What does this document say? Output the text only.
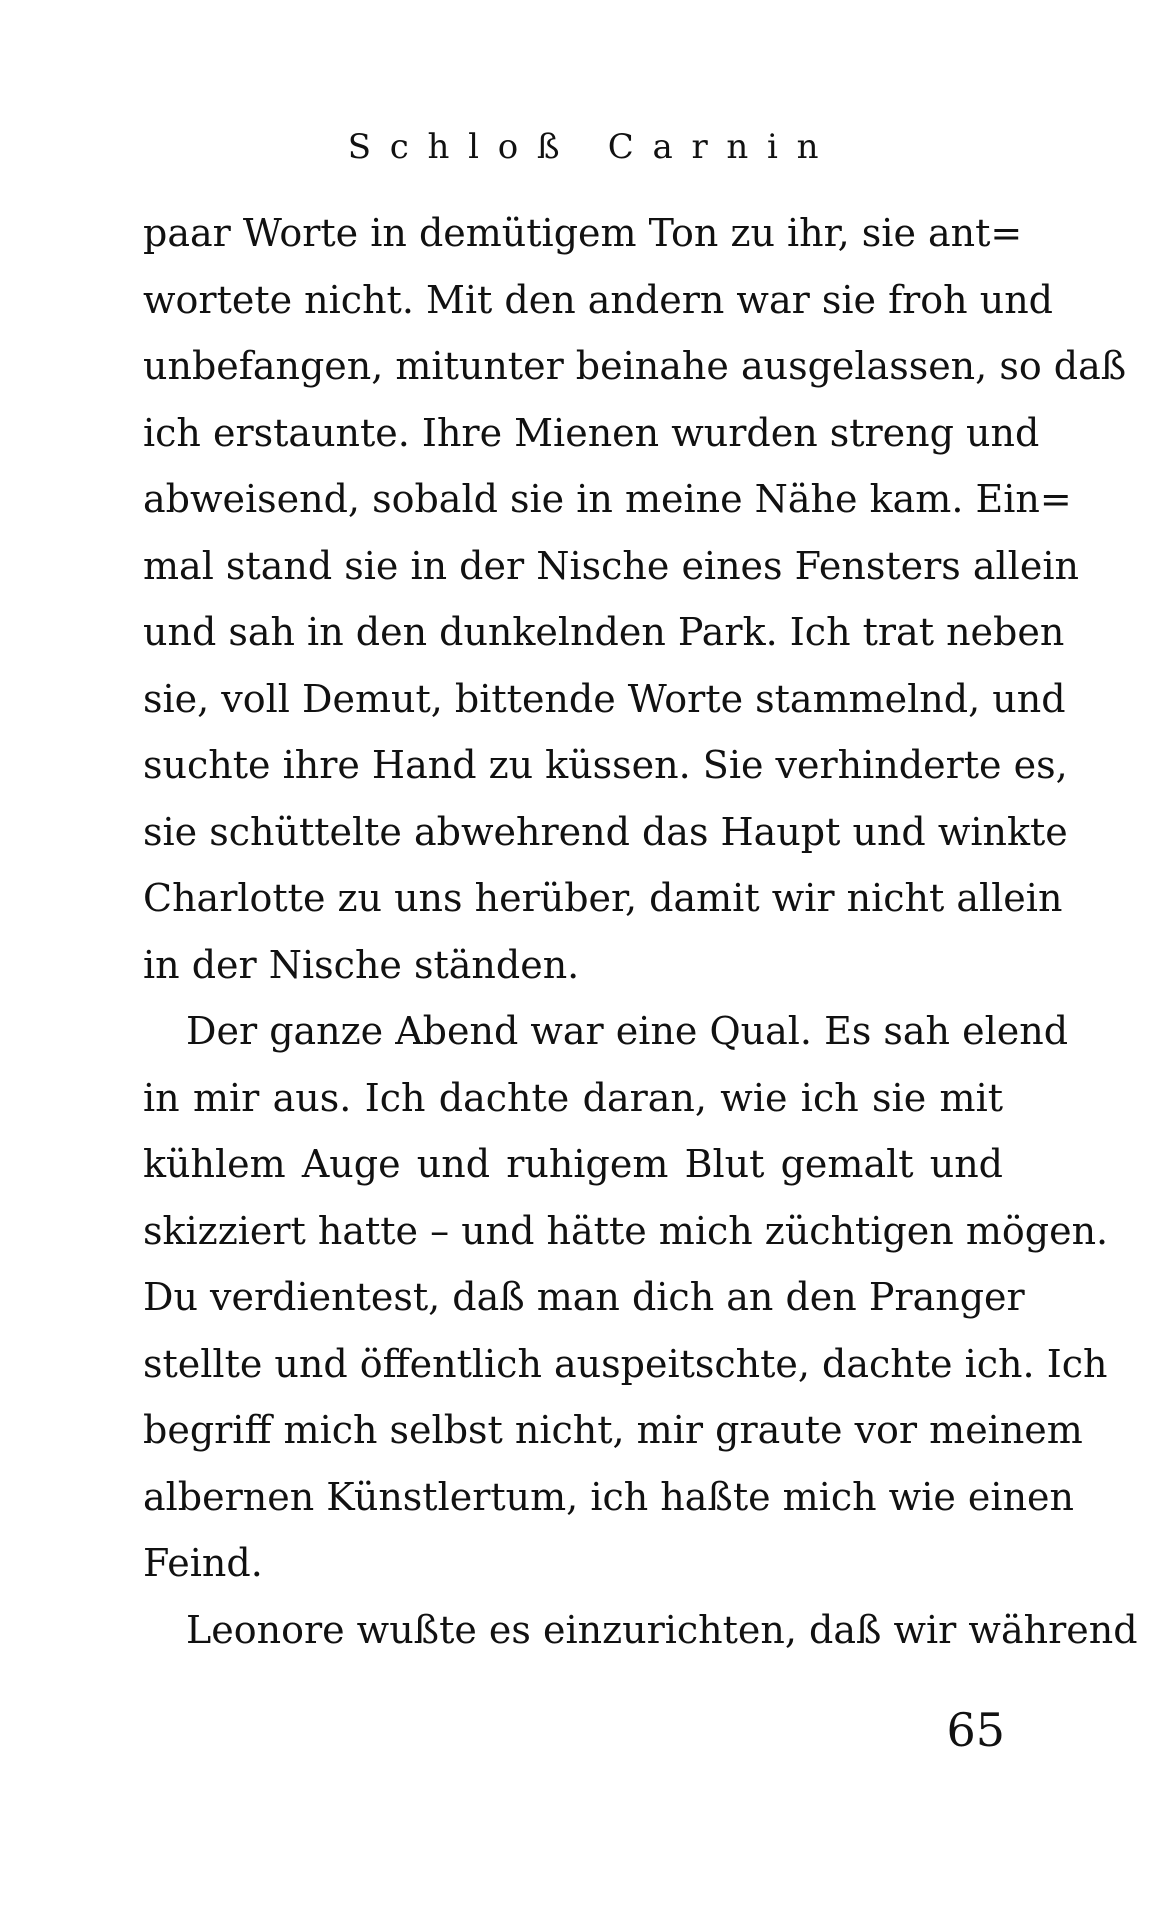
Schloß Carnin
paar Worte in demütigem Ton zu ihr, sie ant=
wortete nicht. Mit den andern war sie froh und
unbefangen, mitunter beinahe ausgelassen, so daß
ich erstaunte. Ihre Mienen wurden streng und
abweisend, sobald sie in meine Nähe kam. Ein=
mal stand sie in der Nische eines Fensters allein
und sah in den dunkelnden Park. Ich trat neben
sie, voll Demut, bittende Worte stammelnd, und
suchte ihre Hand zu küssen. Sie verhinderte es,
sie schüttelte abwehrend das Haupt und winkte
Charlotte zu uns herüber, damit wir nicht allein
in der Nische ständen.
Der ganze Abend war eine Qual. Es sah elend
in mir aus. Ich dachte daran, wie ich sie mit
kühlem Auge und ruhigem Blut gemalt und
skizziert hatte – und hätte mich züchtigen mögen.
Du verdientest, daß man dich an den Pranger
stellte und öffentlich auspeitschte, dachte ich. Ich
begriff mich selbst nicht, mir graute vor meinem
albernen Künstlertum, ich haßte mich wie einen
Feind.
Leonore wußte es einzurichten, daß wir während
65
